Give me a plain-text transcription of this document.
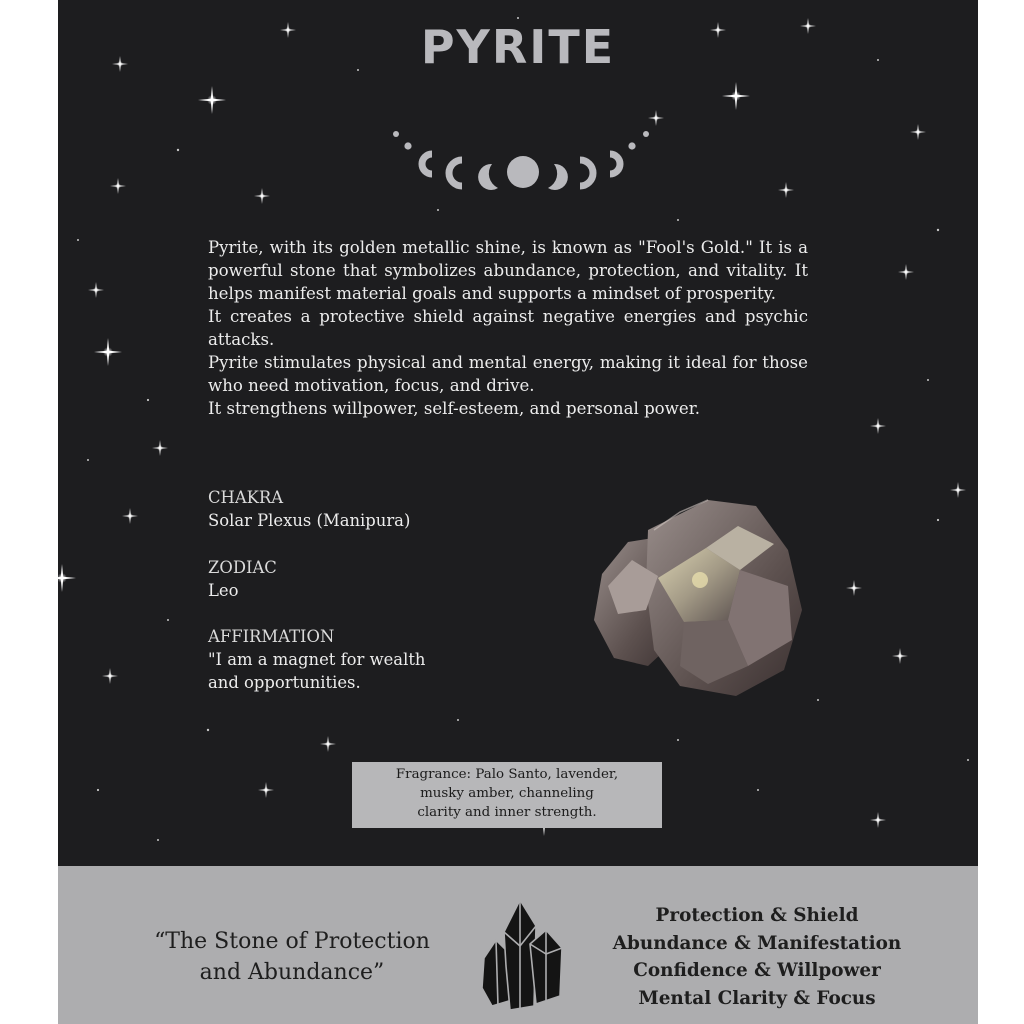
PYRITE

Pyrite, with its golden metallic shine, is known as "Fool's Gold." It is a powerful stone that symbolizes abundance, protection, and vitality. It helps manifest material goals and supports a mindset of prosperity.

It creates a protective shield against negative energies and psychic attacks.

Pyrite stimulates physical and mental energy, making it ideal for those who need motivation, focus, and drive.

It strengthens willpower, self-esteem, and personal power.

CHAKRA
Solar Plexus (Manipura)
ZODIAC
Leo
AFFIRMATION
"I am a magnet for wealth
and opportunities.
Fragrance: Palo Santo, lavender,
musky amber, channeling
clarity and inner strength.
“The Stone of Protection
and Abundance”
Protection & Shield
Abundance & Manifestation
Confidence & Willpower
Mental Clarity & Focus
